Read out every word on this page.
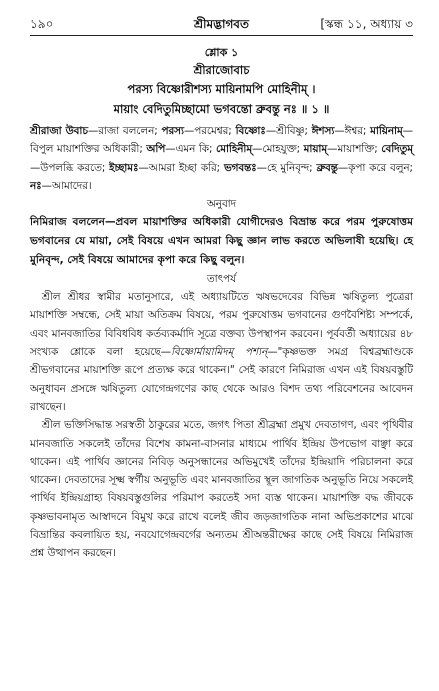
১৯০	শ্রীমদ্ভাগবত	[স্কন্ধ ১১, অধ্যায় ৩
শ্লোক ১
শ্রীরাজোবাচ
পরস্য বিষ্ণোরীশস্য মায়িনামপি মোহিনীম্ ।
মায়াং বেদিতুমিচ্ছামো ভগবন্তো ব্রুবন্তু নঃ ॥ ১ ॥
শ্রীরাজা উবাচ—রাজা বললেন; পরস্য—পরমেশ্বর; বিষ্ণোঃ—শ্রীবিষ্ণু; ঈশস্য—ঈশ্বর; মায়িনাম্—বিপুল মায়াশক্তির অধিকারী; অপি—এমন কি; মোহিনীম্—মোহযুক্ত; মায়াম্—মায়াশক্তি; বেদিতুম্—উপলব্ধি করতে; ইচ্ছামঃ—আমরা ইচ্ছা করি; ভগবন্তঃ—হে মুনিবৃন্দ; ব্রুবন্তু—কৃপা করে বলুন; নঃ—আমাদের।
অনুবাদ
নিমিরাজ বললেন—প্রবল মায়াশক্তির অধিকারী যোগীদেরও বিভ্রান্ত করে পরম পুরুষোত্তম ভগবানের যে মায়া, সেই বিষয়ে এখন আমরা কিছু জ্ঞান লাভ করতে অভিলাষী হয়েছি। হে মুনিবৃন্দ, সেই বিষয়ে আমাদের কৃপা করে কিছু বলুন।
তাৎপর্য

শ্রীল শ্রীধর স্বামীর মতানুসারে, এই অধ্যায়টিতে ঋষভদেবের বিভিন্ন ঋষিতুল্য পুত্রেরা মায়াশক্তি সম্বন্ধে, সেই মায়া অতিক্রম বিষয়ে, পরম পুরুষোত্তম ভগবানের গুণবৈশিষ্ট্য সম্পর্কে, এবং মানবজাতির বিবিধবিধ কর্তব্যকর্মাদি সূত্রে বক্তব্য উপস্থাপন করবেন। পূর্ববর্তী অধ্যায়ের ৪৮ সংখ্যক শ্লোকে বলা হয়েছে—বিষ্ণোর্মায়ামিদম্ পশ্যন্—"কৃষ্ণভক্ত সমগ্র বিশ্বব্রহ্মাণ্ডকে শ্রীভগবানের মায়াশক্তি রূপে প্রত্যক্ষ করে থাকেন।" সেই কারণে নিমিরাজ এখন এই বিষয়বস্তুটি অনুধাবন প্রসঙ্গে ঋষিতুল্য যোগেন্দ্রগণের কাছ থেকে আরও বিশদ তথ্য পরিবেশনের আবেদন রাখছেন।

শ্রীল ভক্তিসিদ্ধান্ত সরস্বতী ঠাকুরের মতে, জগৎ পিতা শ্রীব্রহ্মা প্রমুখ দেবতাগণ, এবং পৃথিবীর মানবজাতি সকলেই তাঁদের বিশেষ কামনা-বাসনার মাধ্যমে পার্থিব ইন্দ্রিয় উপভোগ বাঞ্ছা করে থাকেন। এই পার্থিব জ্ঞানের নিবিড় অনুসন্ধানের অভিমুখেই তাঁদের ইন্দ্রিয়াদি পরিচালনা করে থাকেন। দেবতাদের সূক্ষ্ম স্বর্গীয় অনুভূতি এবং মানবজাতির স্থূল জাগতিক অনুভূতি নিয়ে সকলেই পার্থিব ইন্দ্রিয়গ্রাহ্য বিষয়বস্তুগুলির পরিমাপ করতেই সদা ব্যস্ত থাকেন। মায়াশক্তি বদ্ধ জীবকে কৃষ্ণভাবনামৃত আস্বাদনে বিমুখ করে রাখে বলেই জীব জড়জাগতিক নানা অভিপ্রকাশের মাঝে বিভ্রান্তির কবলায়িত হয়, নবযোগেন্দ্রবর্গের অন্যতম শ্রীঅন্তরীক্ষের কাছে সেই বিষয়ে নিমিরাজ প্রশ্ন উত্থাপন করছেন।
